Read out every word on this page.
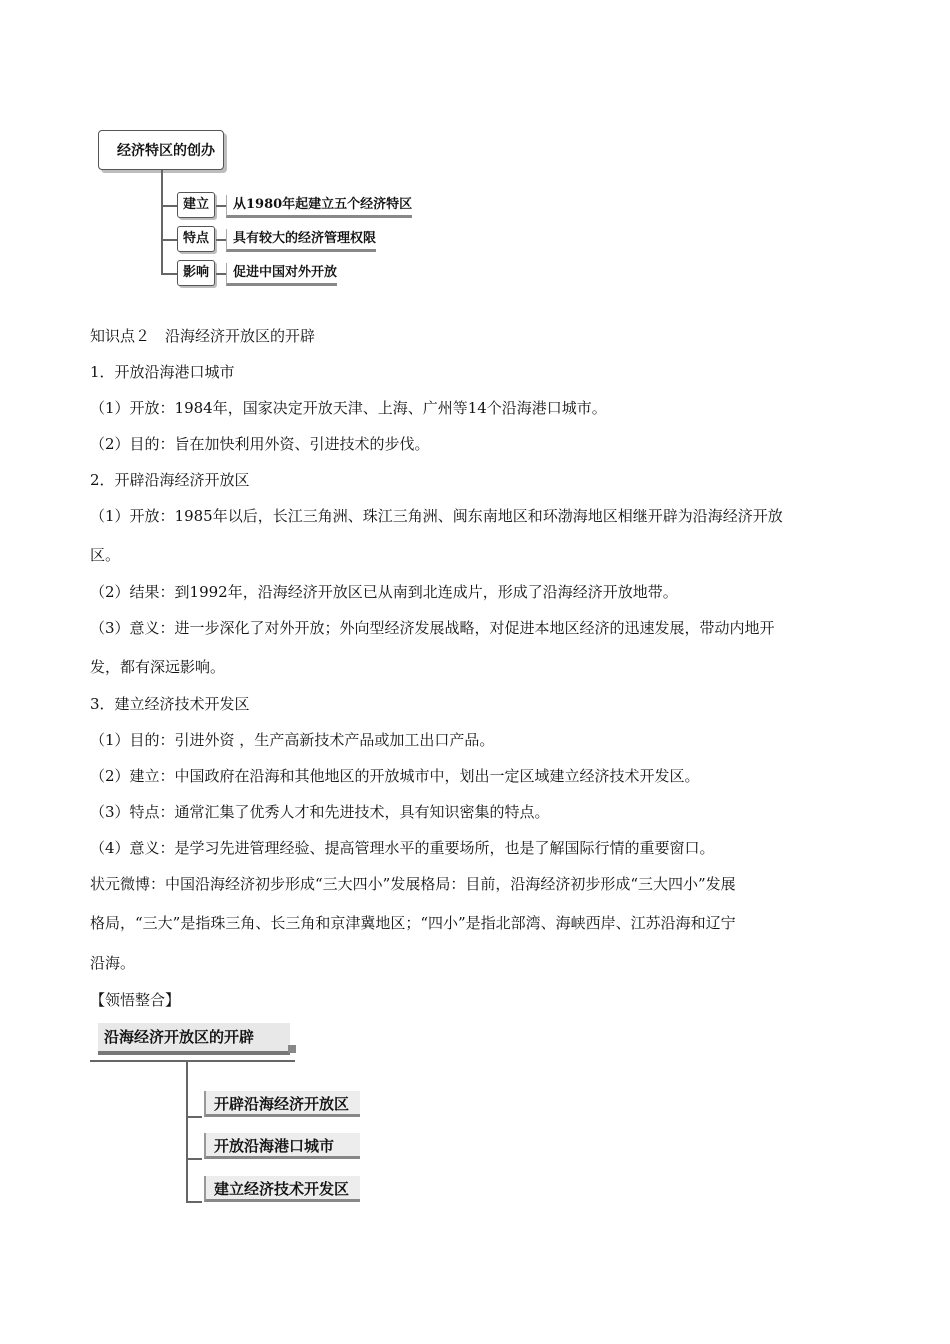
经济特区的创办
建立	从1980年起建立五个经济特区
特点	具有较大的经济管理权限
影响	促进中国对外开放
知识点２　沿海经济开放区的开辟
1．开放沿海港口城市
（1）开放：1984年，国家决定开放天津、上海、广州等14个沿海港口城市。
（2）目的：旨在加快利用外资、引进技术的步伐。
2．开辟沿海经济开放区
（1）开放：1985年以后，长江三角洲、珠江三角洲、闽东南地区和环渤海地区相继开辟为沿海经济开放
区。
（2）结果：到1992年，沿海经济开放区已从南到北连成片，形成了沿海经济开放地带。
（3）意义：进一步深化了对外开放；外向型经济发展战略，对促进本地区经济的迅速发展，带动内地开
发，都有深远影响。
3．建立经济技术开发区
（1）目的：引进外资 ，生产高新技术产品或加工出口产品。
（2）建立：中国政府在沿海和其他地区的开放城市中，划出一定区域建立经济技术开发区。
（3）特点：通常汇集了优秀人才和先进技术，具有知识密集的特点。
（4）意义：是学习先进管理经验、提高管理水平的重要场所，也是了解国际行情的重要窗口。
状元微博：中国沿海经济初步形成“三大四小”发展格局：目前，沿海经济初步形成“三大四小”发展
格局，“三大”是指珠三角、长三角和京津冀地区；“四小”是指北部湾、海峡西岸、江苏沿海和辽宁
沿海。
【领悟整合】
沿海经济开放区的开辟
开辟沿海经济开放区
开放沿海港口城市
建立经济技术开发区
